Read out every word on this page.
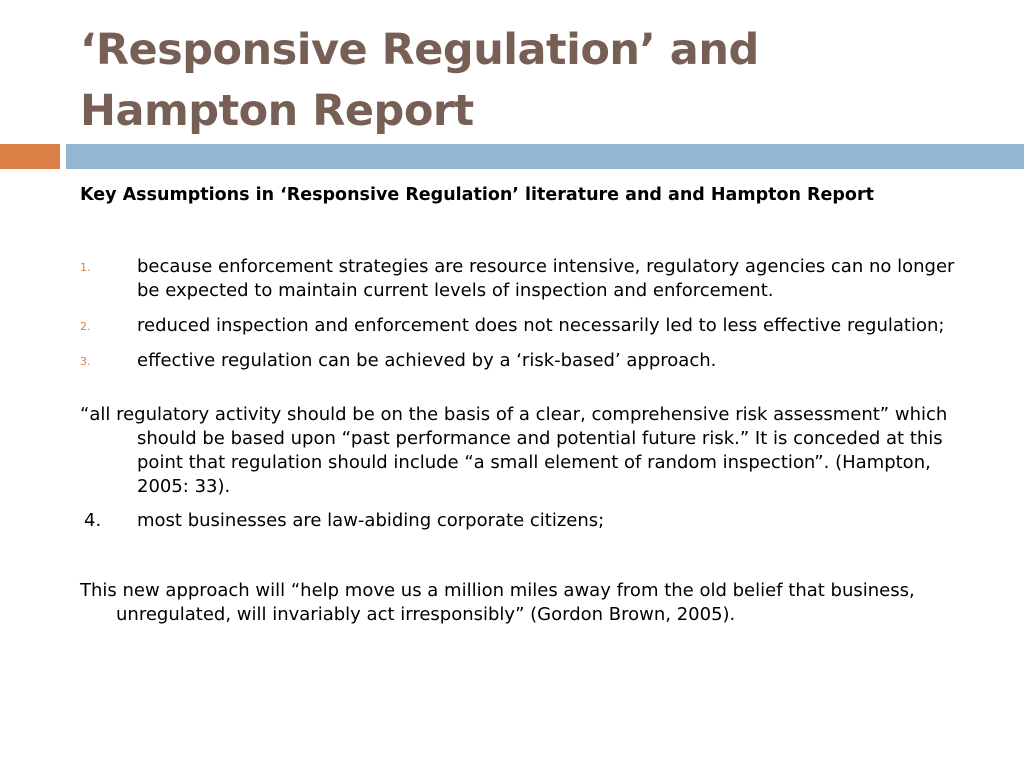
‘Responsive Regulation’ and
Hampton Report

Key Assumptions in ‘Responsive Regulation’ literature and and Hampton Report

1.	because enforcement strategies are resource intensive, regulatory agencies can no longer be expected to maintain current levels of inspection and enforcement.
2.	reduced inspection and enforcement does not necessarily led to less effective regulation;
3.	effective regulation can be achieved by a ‘risk-based’ approach.
“all regulatory activity should be on the basis of a clear, comprehensive risk assessment” which should be based upon “past performance and potential future risk.” It is conceded at this point that regulation should include “a small element of random inspection”. (Hampton, 2005: 33).
4. most businesses are law-abiding corporate citizens;
This new approach will “help move us a million miles away from the old belief that business, unregulated, will invariably act irresponsibly” (Gordon Brown, 2005).
